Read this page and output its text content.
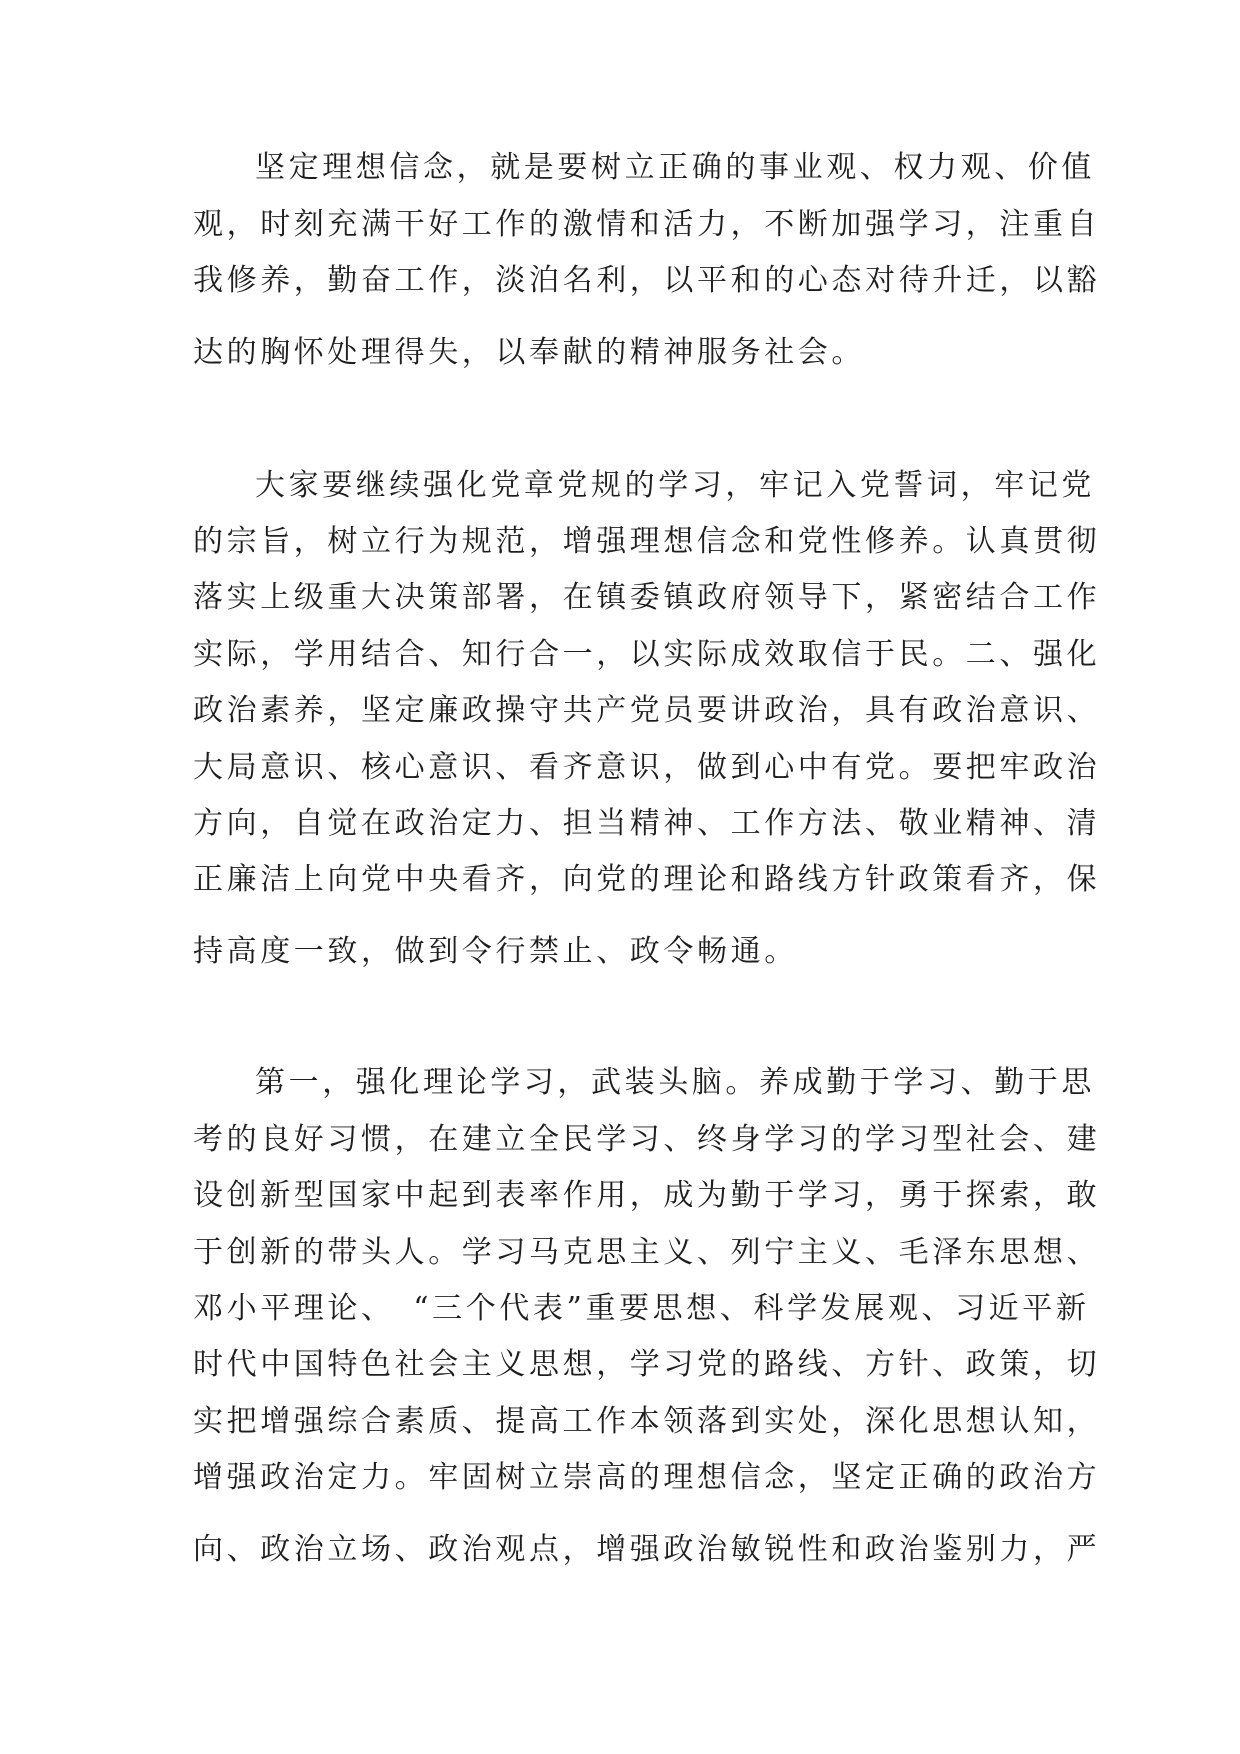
坚定理想信念，就是要树立正确的事业观、权力观、价值
观，时刻充满干好工作的激情和活力，不断加强学习，注重自
我修养，勤奋工作，淡泊名利，以平和的心态对待升迁，以豁
达的胸怀处理得失，以奉献的精神服务社会。
大家要继续强化党章党规的学习，牢记入党誓词，牢记党
的宗旨，树立行为规范，增强理想信念和党性修养。认真贯彻
落实上级重大决策部署，在镇委镇政府领导下，紧密结合工作
实际，学用结合、知行合一，以实际成效取信于民。二、强化
政治素养，坚定廉政操守共产党员要讲政治，具有政治意识、
大局意识、核心意识、看齐意识，做到心中有党。要把牢政治
方向，自觉在政治定力、担当精神、工作方法、敬业精神、清
正廉洁上向党中央看齐，向党的理论和路线方针政策看齐，保
持高度一致，做到令行禁止、政令畅通。
第一，强化理论学习，武装头脑。养成勤于学习、勤于思
考的良好习惯，在建立全民学习、终身学习的学习型社会、建
设创新型国家中起到表率作用，成为勤于学习，勇于探索，敢
于创新的带头人。学习马克思主义、列宁主义、毛泽东思想、
邓小平理论、　“三个代表”重要思想、科学发展观、习近平新
时代中国特色社会主义思想，学习党的路线、方针、政策，切
实把增强综合素质、提高工作本领落到实处，深化思想认知，
增强政治定力。牢固树立崇高的理想信念，坚定正确的政治方
向、政治立场、政治观点，增强政治敏锐性和政治鉴别力，严
